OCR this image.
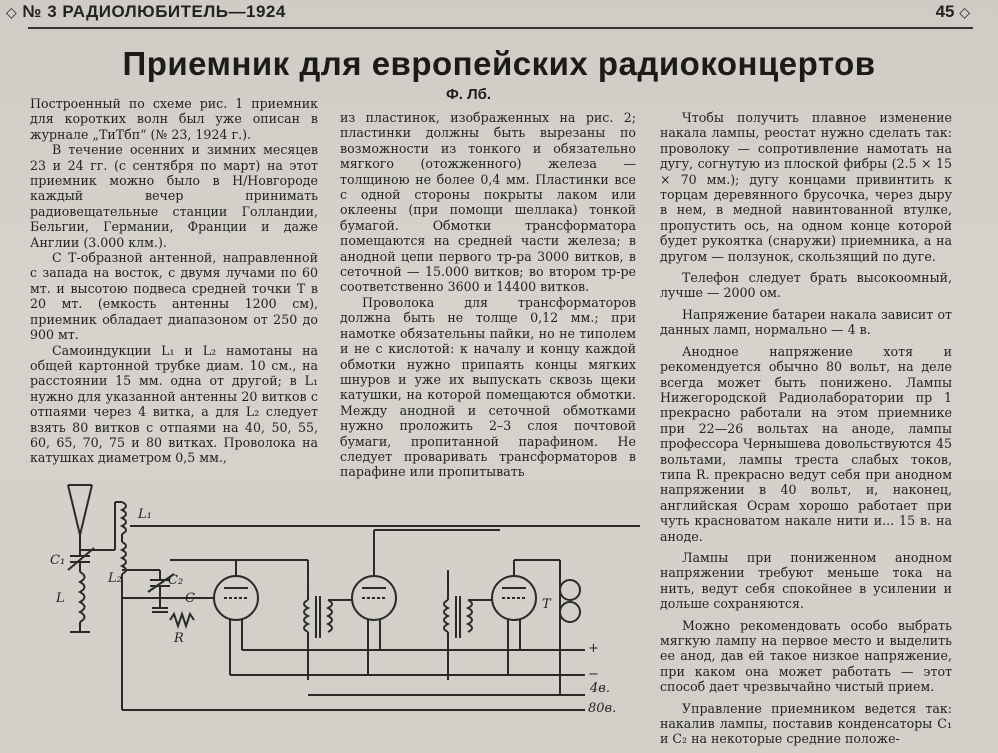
◇ № 3 РАДИОЛЮБИТЕЛЬ—1924	45 ◇
Приемник для европейских радиоконцертов
Ф. Лб.

Построенный по схеме рис. 1 приемник для коротких волн был уже описан в журнале „ТиТбп“ (№ 23, 1924 г.).

В течение осенних и зимних месяцев 23 и 24 гг. (с сентября по март) на этот приемник можно было в Н/Новгороде каждый вечер принимать радиовещательные станции Голландии, Бельгии, Германии, Франции и даже Англии (3.000 клм.).

С Т-образной антенной, направленной с запада на восток, с двумя лучами по 60 мт. и высотою подвеса средней точки Т в 20 мт. (емкость антенны 1200 см), приемник обладает диапазоном от 250 до 900 мт.

Самоиндукции L₁ и L₂ намотаны на общей картонной трубке диам. 10 см., на расстоянии 15 мм. одна от другой; в L₁ нужно для указанной антенны 20 витков с отпаями через 4 витка, а для L₂ следует взять 80 витков с отпаями на 40, 50, 55, 60, 65, 70, 75 и 80 витках. Проволока на катушках диаметром 0,5 мм.,

из пластинок, изображенных на рис. 2; пластинки должны быть вырезаны по возможности из тонкого и обязательно мягкого (отожженного) железа — толщиною не более 0,4 мм. Пластинки все с одной стороны покрыты лаком или оклеены (при помощи шеллака) тонкой бумагой. Обмотки трансформатора помещаются на средней части железа; в анодной цепи первого тр-ра 3000 витков, в сеточной — 15.000 витков; во втором тр-ре соответственно 3600 и 14400 витков.

Проволока для трансформаторов должна быть не толще 0,12 мм.; при намотке обязательны пайки, но не типолем и не с кислотой: к началу и концу каждой обмотки нужно припаять концы мягких шнуров и уже их выпускать сквозь щеки катушки, на которой помещаются обмотки. Между анодной и сеточной обмотками нужно проложить 2–3 слоя почтовой бумаги, пропитанной парафином. Не следует проваривать трансформаторов в парафине или пропитывать

Чтобы получить плавное изменение накала лампы, реостат нужно сделать так: проволоку — сопротивление намотать на дугу, согнутую из плоской фибры (2.5 × 15 × 70 мм.); дугу концами привинтить к торцам деревянного брусочка, через дыру в нем, в медной навинтованной втулке, пропустить ось, на одном конце которой будет рукоятка (снаружи) приемника, а на другом — ползунок, скользящий по дуге.

Телефон следует брать высокоомный, лучше — 2000 ом.

Напряжение батареи накала зависит от данных ламп, нормально — 4 в.

Анодное напряжение хотя и рекомендуется обычно 80 вольт, на деле всегда может быть понижено. Лампы Нижегородской Радиолаборатории пр 1 прекрасно работали на этом приемнике при 22—26 вольтах на аноде, лампы профессора Чернышева довольствуются 45 вольтами, лампы треста слабых токов, типа R. прекрасно ведут себя при анодном напряжении в 40 вольт, и, наконец, английская Осрам хорошо работает при чуть красноватом накале нити и... 15 в. на аноде.

Лампы при пониженном анодном напряжении требуют меньше тока на нить, ведут себя спокойнее в усилении и дольше сохраняются.

Можно рекомендовать особо выбрать мягкую лампу на первое место и выделить ее анод, дав ей такое низкое напряжение, при каком она может работать — этот способ дает чрезвычайно чистый прием.

Управление приемником ведется так: накалив лампы, поставив конденсаторы C₁ и C₂ на некоторые средние положе-

C₁
L
L₁
L₂	C₂
C
R
T
+
−
4в.
80в.
